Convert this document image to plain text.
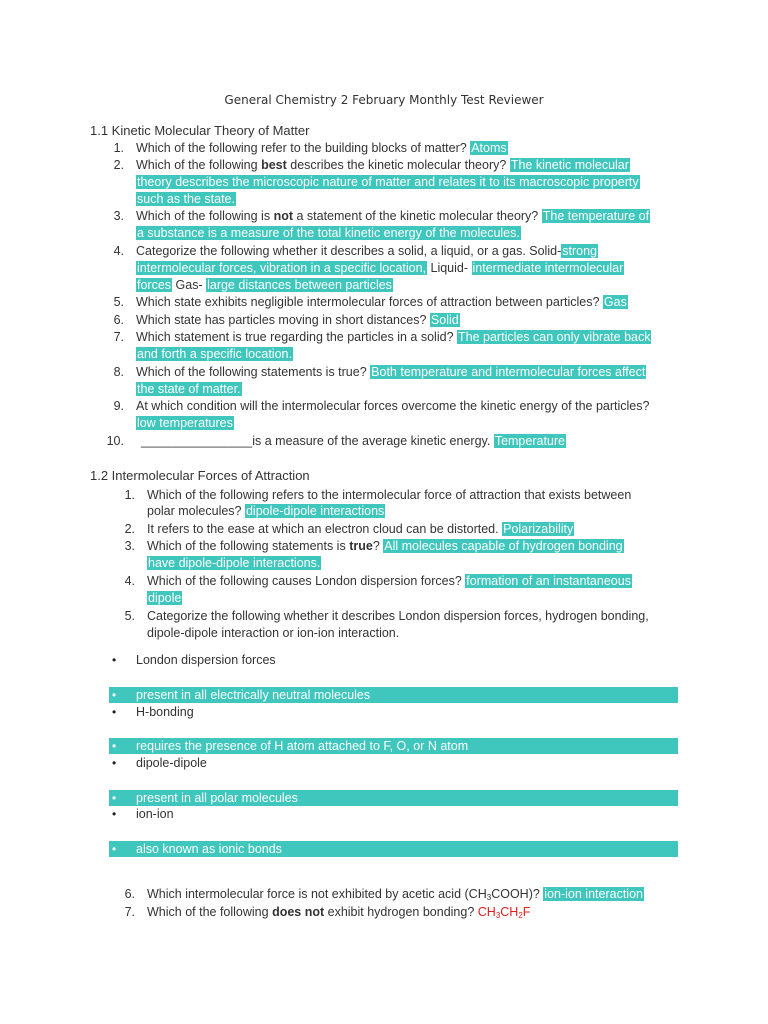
General Chemistry 2 February Monthly Test Reviewer
1.1 Kinetic Molecular Theory of Matter
1. Which of the following refer to the building blocks of matter? Atoms
2. Which of the following best describes the kinetic molecular theory? The kinetic molecular
theory describes the microscopic nature of matter and relates it to its macroscopic property
such as the state.
3. Which of the following is not a statement of the kinetic molecular theory? The temperature of
a substance is a measure of the total kinetic energy of the molecules.
4. Categorize the following whether it describes a solid, a liquid, or a gas. Solid-strong
intermolecular forces, vibration in a specific location, Liquid- intermediate intermolecular
forces Gas- large distances between particles
5. Which state exhibits negligible intermolecular forces of attraction between particles? Gas
6. Which state has particles moving in short distances? Solid
7. Which statement is true regarding the particles in a solid? The particles can only vibrate back
and forth a specific location.
8. Which of the following statements is true? Both temperature and intermolecular forces affect
the state of matter.
9. At which condition will the intermolecular forces overcome the kinetic energy of the particles?
low temperatures
10. ________________is a measure of the average kinetic energy. Temperature
1.2 Intermolecular Forces of Attraction
1. Which of the following refers to the intermolecular force of attraction that exists between
polar molecules? dipole-dipole interactions
2. It refers to the ease at which an electron cloud can be distorted. Polarizability
3. Which of the following statements is true? All molecules capable of hydrogen bonding
have dipole-dipole interactions.
4. Which of the following causes London dispersion forces? formation of an instantaneous
dipole
5. Categorize the following whether it describes London dispersion forces, hydrogen bonding,
dipole-dipole interaction or ion-ion interaction.
•	London dispersion forces
• present in all electrically neutral molecules
•	H-bonding
• requires the presence of H atom attached to F, O, or N atom
•	dipole-dipole
• present in all polar molecules
•	ion-ion
• also known as ionic bonds
6. Which intermolecular force is not exhibited by acetic acid $(CH_3COOH)$? ion-ion interaction
7. Which of the following does not exhibit hydrogen bonding? $CH_3CH_2F$
